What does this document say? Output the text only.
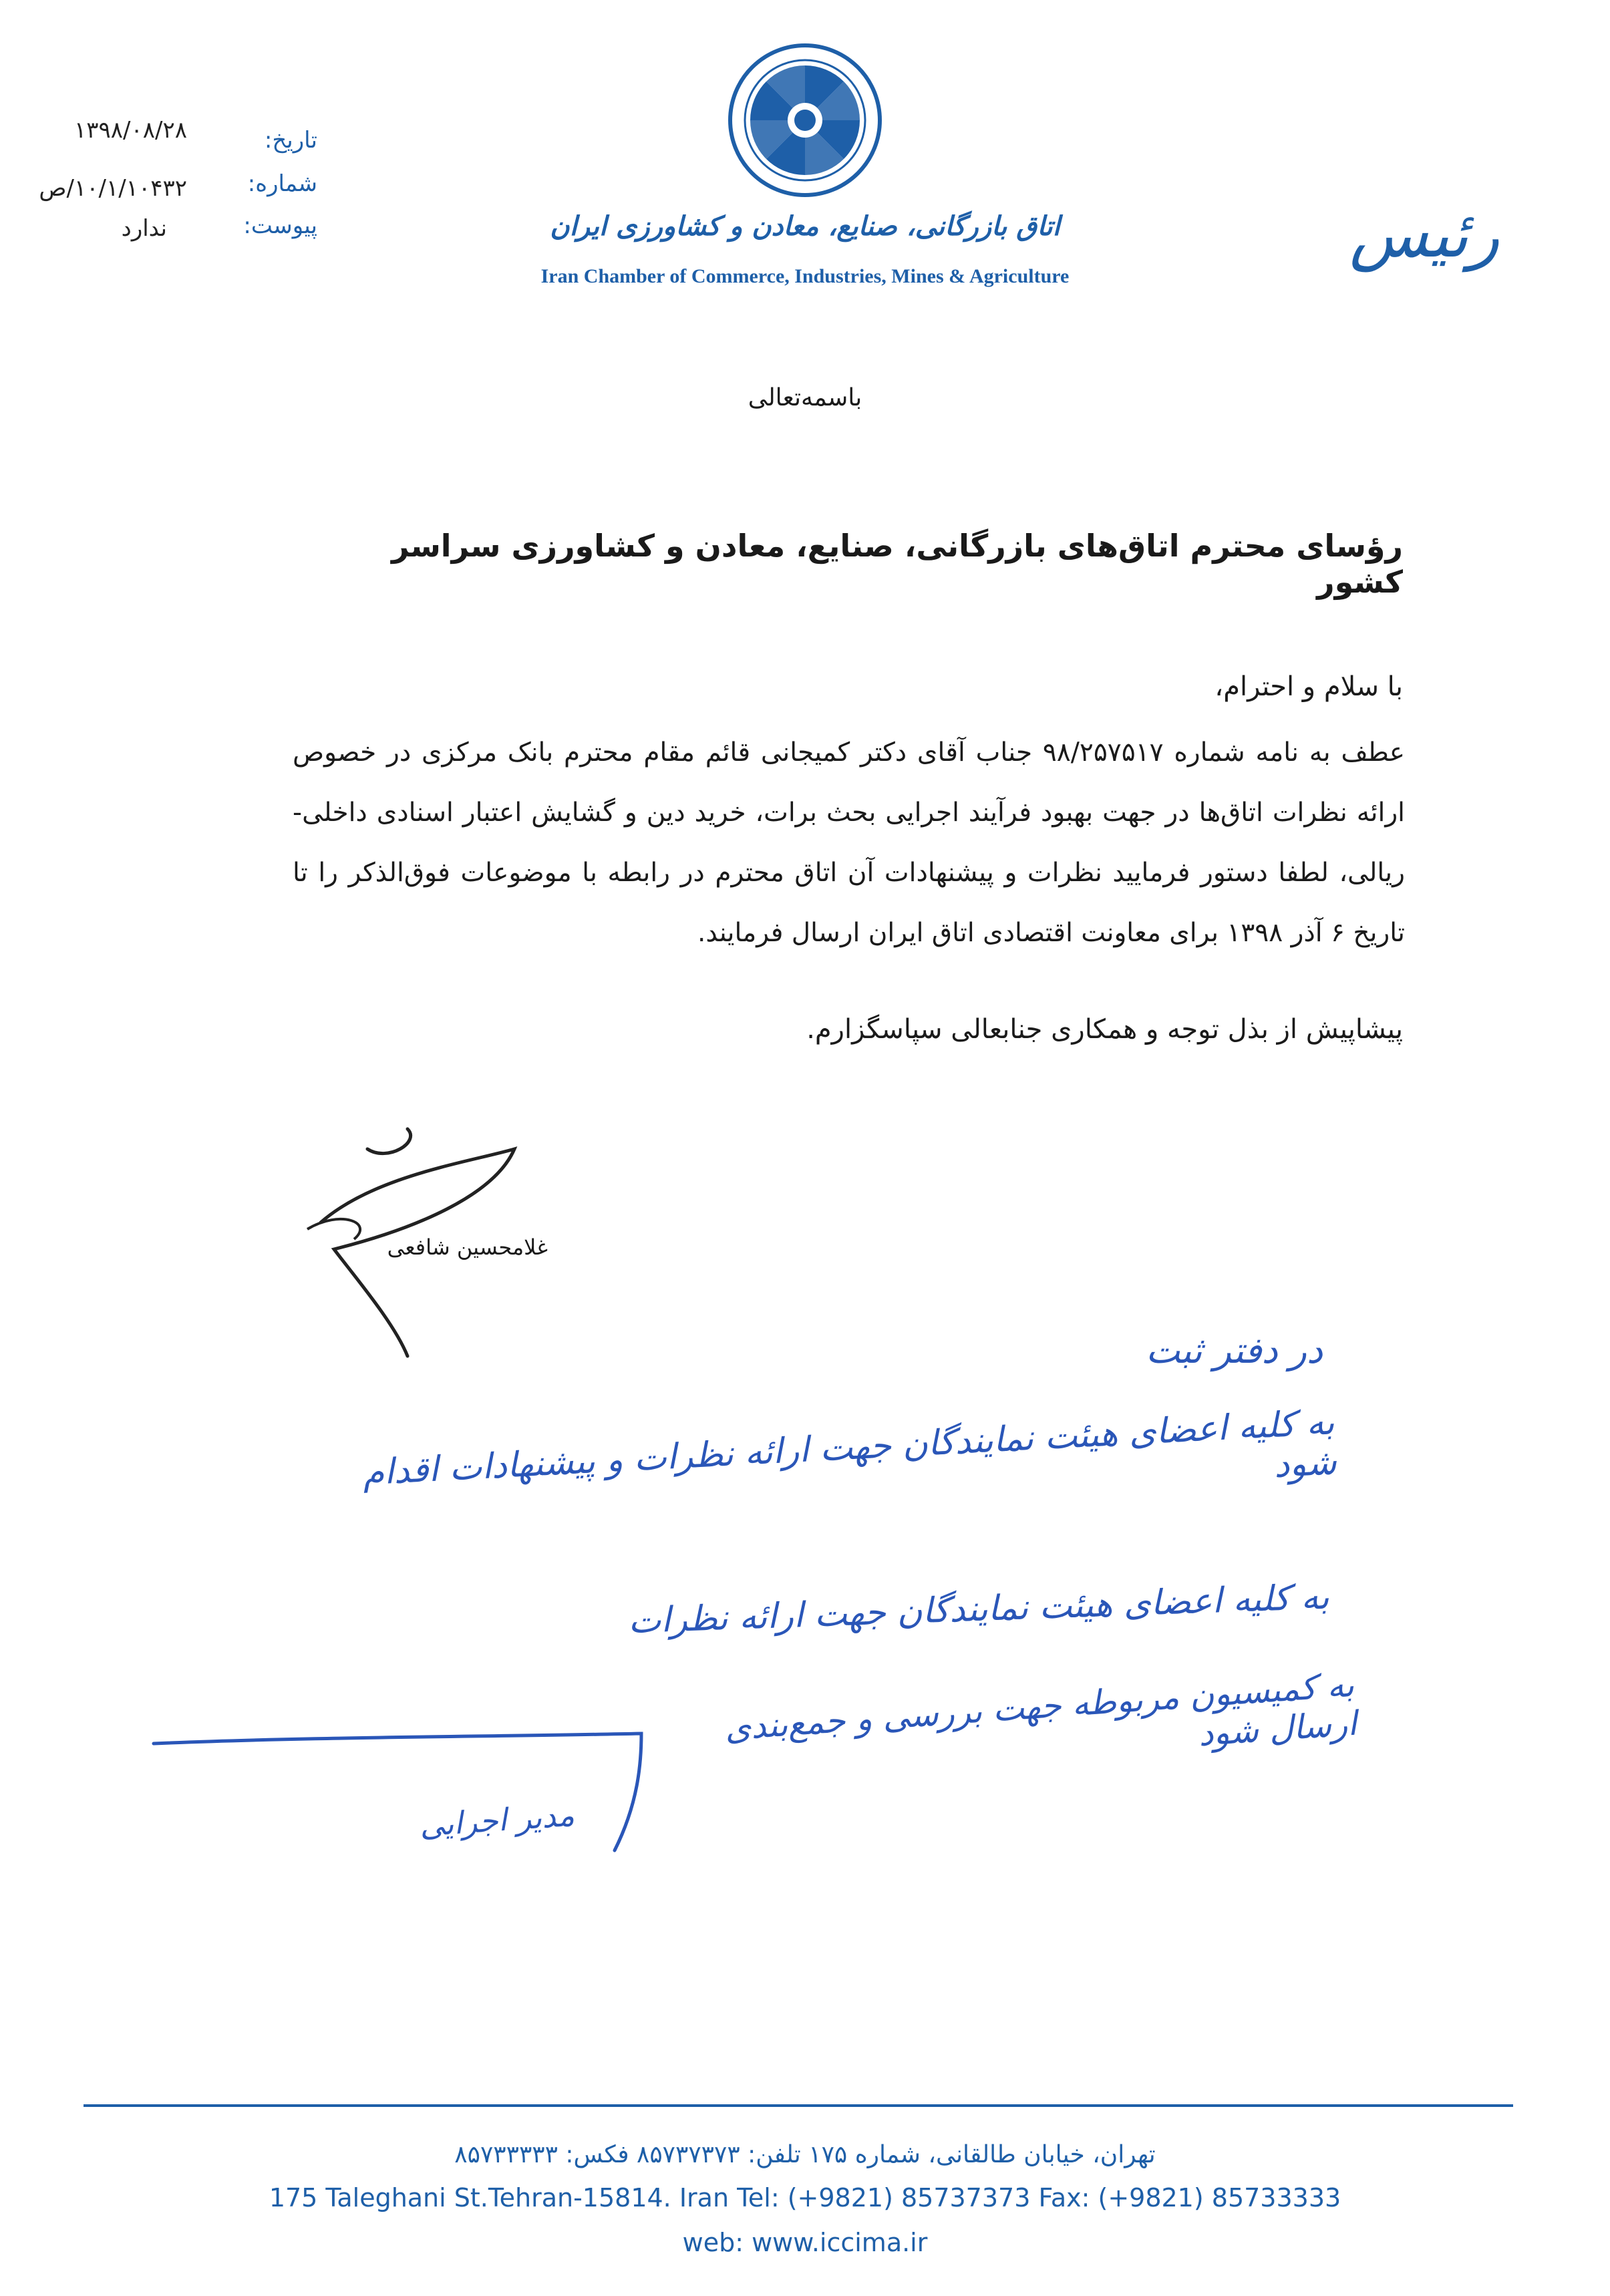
تاریخ:
شماره:
پیوست:
۱۳۹۸/۰۸/۲۸
۱۰/۱/۱۰۴۳۲/ص
ندارد	اتاق بازرگانی، صنایع، معادن و کشاورزی ایران
Iran Chamber of Commerce, Industries, Mines & Agriculture
رئیس
باسمه‌تعالی
رؤسای محترم اتاق‌های بازرگانی، صنایع، معادن و کشاورزی سراسر کشور
با سلام و احترام،
عطف به نامه شماره ۹۸/۲۵۷۵۱۷ جناب آقای دکتر کمیجانی قائم مقام محترم بانک مرکزی در خصوص ارائه نظرات اتاق‌ها در جهت بهبود فرآیند اجرایی بحث برات، خرید دین و گشایش اعتبار اسنادی داخلی- ریالی، لطفا دستور فرمایید نظرات و پیشنهادات آن اتاق محترم در رابطه با موضوعات فوق‌الذکر را تا تاریخ ۶ آذر ۱۳۹۸ برای معاونت اقتصادی اتاق ایران ارسال فرمایند.
پیشاپیش از بذل توجه و همکاری جنابعالی سپاسگزارم.
غلامحسین شافعی
در دفتر ثبت
به کلیه اعضای هیئت نمایندگان جهت ارائه نظرات و پیشنهادات اقدام شود
به کلیه اعضای هیئت نمایندگان جهت ارائه نظرات
به کمیسیون مربوطه جهت بررسی و جمع‌بندی ارسال شود
مدیر اجرایی
تهران، خیابان طالقانی، شماره ۱۷۵ تلفن: ۸۵۷۳۷۳۷۳ فکس: ۸۵۷۳۳۳۳۳
175 Taleghani St.Tehran-15814. Iran Tel: (+9821) 85737373 Fax: (+9821) 85733333
web: www.iccima.ir
